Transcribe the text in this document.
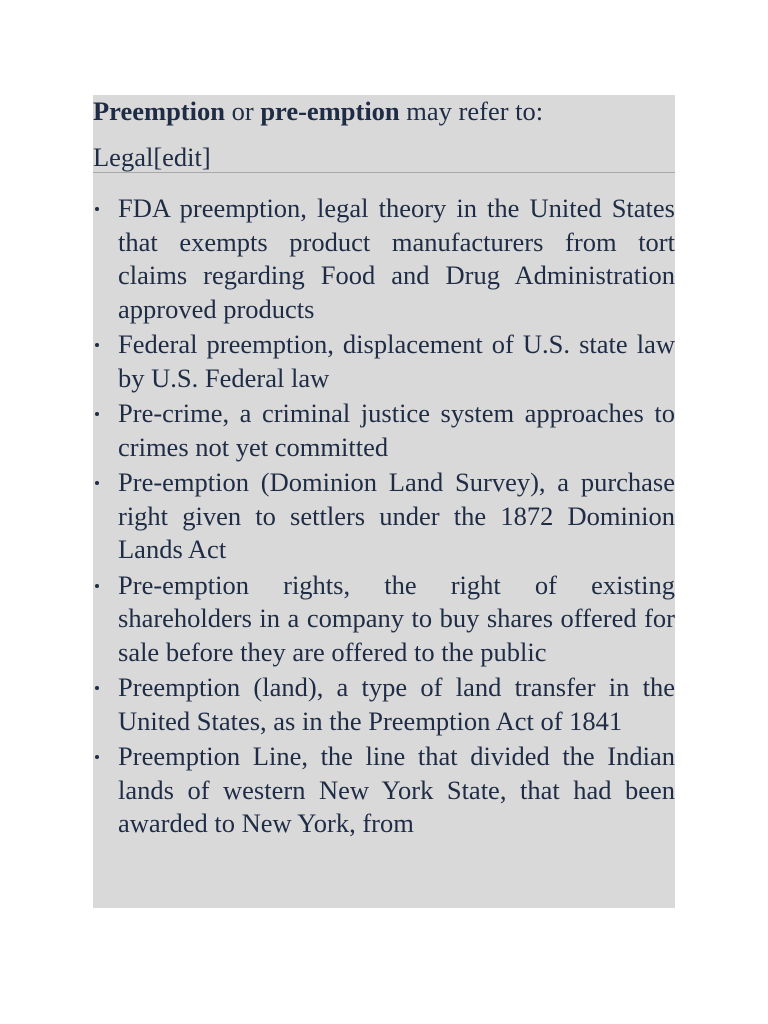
Preemption or pre-emption may refer to:

Legal[edit]
FDA preemption, legal theory in the United States that exempts product manufacturers from tort claims regarding Food and Drug Administration approved products
Federal preemption, displacement of U.S. state law by U.S. Federal law
Pre-crime, a criminal justice system approaches to crimes not yet committed
Pre-emption (Dominion Land Survey), a purchase right given to settlers under the 1872 Dominion Lands Act
Pre-emption rights, the right of existing shareholders in a company to buy shares offered for sale before they are offered to the public
Preemption (land), a type of land transfer in the United States, as in the Preemption Act of 1841
Preemption Line, the line that divided the Indian lands of western New York State, that had been awarded to New York, from
